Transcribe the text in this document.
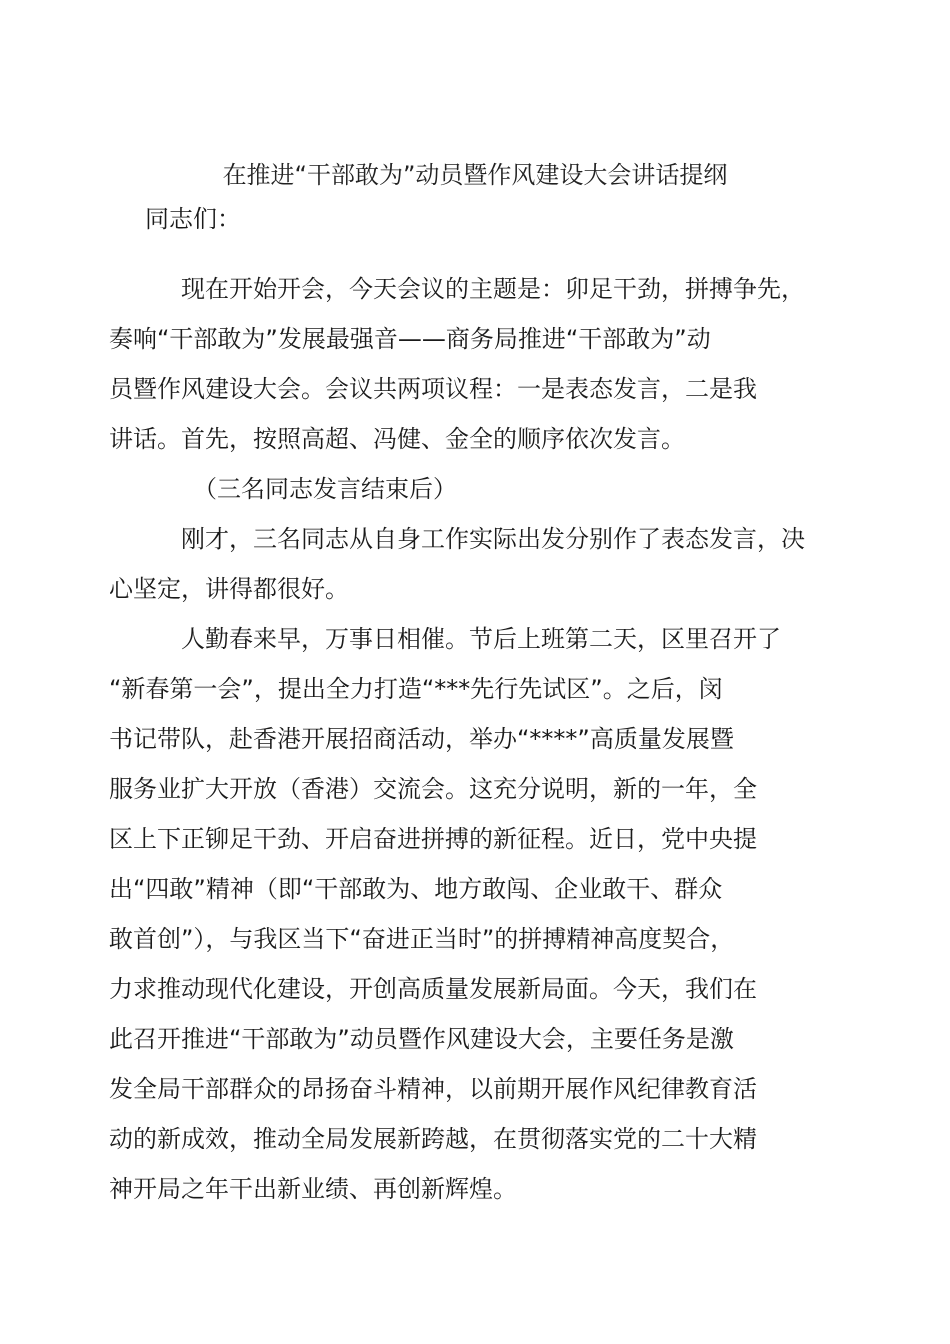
在推进“干部敢为”动员暨作风建设大会讲话提纲

同志们：

现在开始开会，今天会议的主题是：卯足干劲，拼搏争先，
奏响“干部敢为”发展最强音——商务局推进“干部敢为”动
员暨作风建设大会。会议共两项议程：一是表态发言，二是我
讲话。首先，按照高超、冯健、金全的顺序依次发言。

（三名同志发言结束后）

刚才，三名同志从自身工作实际出发分别作了表态发言，决
心坚定，讲得都很好。

人勤春来早，万事日相催。节后上班第二天，区里召开了
“新春第一会”，提出全力打造“***先行先试区”。之后，闵
书记带队，赴香港开展招商活动，举办“****”高质量发展暨
服务业扩大开放（香港）交流会。这充分说明，新的一年，全
区上下正铆足干劲、开启奋进拼搏的新征程。近日，党中央提
出“四敢”精神（即“干部敢为、地方敢闯、企业敢干、群众
敢首创”），与我区当下“奋进正当时”的拼搏精神高度契合，
力求推动现代化建设，开创高质量发展新局面。今天，我们在
此召开推进“干部敢为”动员暨作风建设大会，主要任务是激
发全局干部群众的昂扬奋斗精神，以前期开展作风纪律教育活
动的新成效，推动全局发展新跨越，在贯彻落实党的二十大精
神开局之年干出新业绩、再创新辉煌。
